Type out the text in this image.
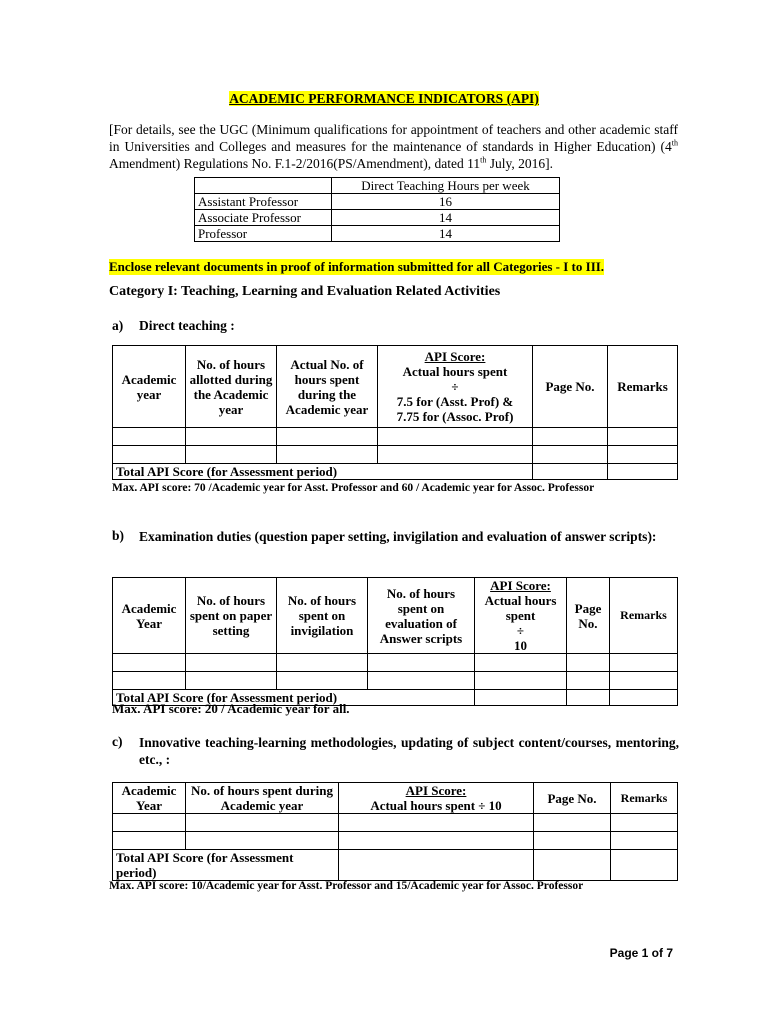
ACADEMIC PERFORMANCE INDICATORS (API)
[For details, see the UGC (Minimum qualifications for appointment of teachers and other academic staff in Universities and Colleges and measures for the maintenance of standards in Higher Education) (4th Amendment) Regulations No. F.1-2/2016(PS/Amendment), dated 11th July, 2016].
	Direct Teaching Hours per week
Assistant Professor	16
Associate Professor	14
Professor	14
Enclose relevant documents in proof of information submitted for all Categories - I to III.
Category I: Teaching, Learning and Evaluation Related Activities
a) Direct teaching :
Academic year	No. of hours allotted during the Academic year	Actual No. of hours spent during the Academic year	API Score:
Actual hours spent
÷
7.5 for (Asst. Prof) &
7.75 for (Assoc. Prof)	Page No.	Remarks

Total API Score (for Assessment period)					
Max. API score: 70 /Academic year for Asst. Professor and 60 / Academic year for Assoc. Professor
b) Examination duties (question paper setting, invigilation and evaluation of answer scripts):
Academic Year	No. of hours spent on paper setting	No. of hours spent on invigilation	No. of hours spent on evaluation of Answer scripts	API Score:
Actual hours spent
÷
10	Page No.	Remarks

Total API Score (for Assessment period)						
Max. API score: 20 / Academic year for all.
c) Innovative teaching-learning methodologies, updating of subject content/courses, mentoring, etc., :
Academic Year	No. of hours spent during Academic year	API Score:
Actual hours spent ÷ 10	Page No.	Remarks

Total API Score (for Assessment period)				
Max. API score: 10/Academic year for Asst. Professor and 15/Academic year for Assoc. Professor
Page 1 of 7
